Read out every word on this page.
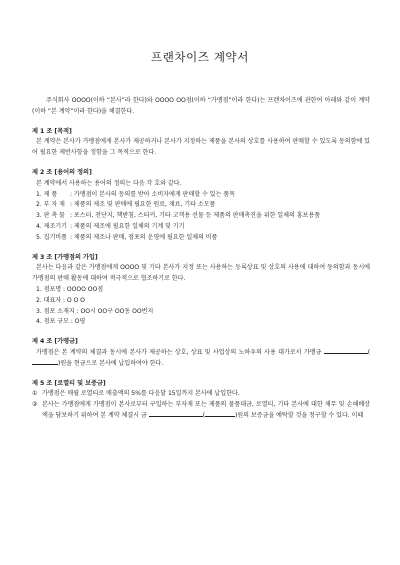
프랜차이즈 계약서

주식회사 OOOO(이하 “본사”라 한다)와 OOOO OO점(이하 “가맹점”이라 한다)는 프랜차이즈에 관한여 아래와 같이 계약(이하 “본 계약”이라 한다)을 체결한다.

제 1 조 [목적]

본 계약은 본사가 가맹점에게 본사가 제공하거나 본사가 지정하는 제품을 본사의 상호를 사용하여 판매할 수 있도록 동의함에 있어 필요한 제반사항을 정함을 그 목적으로 한다.

제 2 조 [용어의 정의]

본 계약에서 사용하는 용어의 정의는 다음 각 호와 같다.

1. 제 품	: 가맹점이 본사의 동의를 받아 소비자에게 판매할 수 있는 품목
2. 부 자 재 : 제품의 제조 및 판매에 필요한 원료, 재료, 기타 소모품
3. 판 촉 물 : 포스터, 전단지, 책받침, 스티커, 기타 고객용 선물 등 제품의 판매촉진을 위한 일체의 홍보용품
4. 제조기기 : 제품의 제조에 필요한 일체의 기계 및 기기
5. 집기비품 : 제품의 제조나 판매, 점포의 운영에 필요한 일체의 비품
제 3 조 [가맹점의 가입]

본사는 다음과 같은 가맹점에게 OOOO 및 기타 본사가 지정 또는 사용하는 등록상표 및 상호의 사용에 대하여 동의함과 동시에 가맹점의 판매 활동에 대하여 적극적으로 협조하기로 한다.

1. 점포명 : OOOO OO점

2. 대표자 : O O O

3. 점포 소재지 : OO시 OO구 OO동 OO번지

4. 점포 규모 : O평

제 4 조 [가맹금]

가맹점은 본 계약의 체결과 동시에 본사가 제공하는 상호, 상표 및 사업상의 노하우의 사용 대가로서 가맹금	()원을 현금으로 본사에 납입하여야 한다.

제 5 조 [로열티 및 보증금]
① 가맹점은 매월 로열티로 매출액의 5%를 다음달 15일까지 본사에 납입한다.
② 본사는 가맹점에게 가맹점이 본사로부터 구입하는 부자재 또는 제품의 물품대금, 로열티, 기타 본사에 대한 채무 및 손해배상액을 담보하기 위하여 본 계약 체결시 금	(	)원의 보증금을 예탁할 것을 청구할 수 있다. 이때
